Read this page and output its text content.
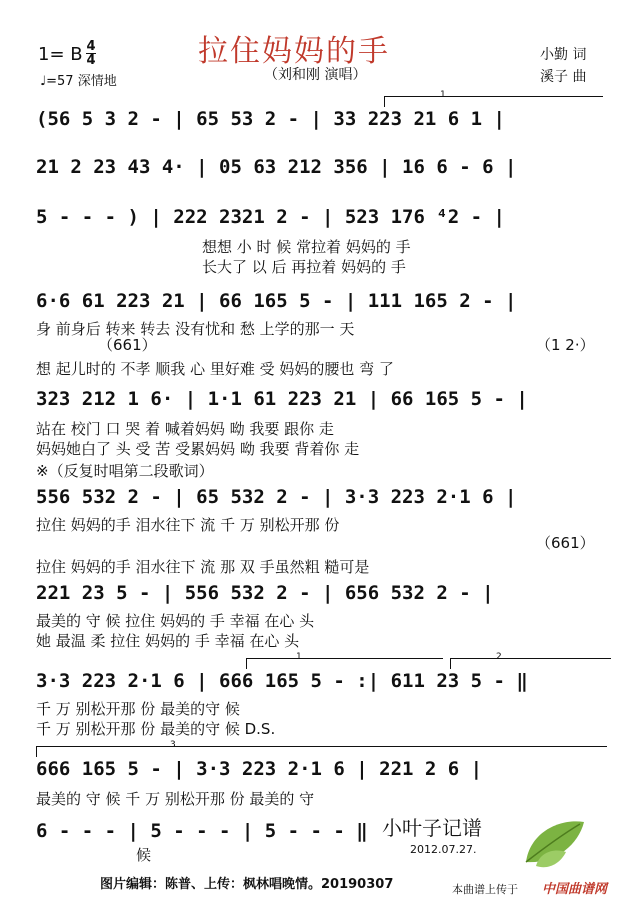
拉住妈妈的手
（刘和刚 演唱）
1= B 4
4
♩=57 深情地
小勤 词
溪子 曲
1
1	2
3
(56 5 3 2 - | 65 53 2 - | 33 223 21 6 1 |
21 2 23 43 4· | 05 63 212 356 | 16 6 - 6 |
5 - - - ) | 222 2321 2 - | 523 176 ⁴2 - |
6·6 61 223 21 | 66 165 5 - | 111 165 2 - |
323 212 1 6· | 1·1 61 223 21 | 66 165 5 - |
556 532 2 - | 65 532 2 - | 3·3 223 2·1 6 |
221 23 5 - | 556 532 2 - | 656 532 2 - |
3·3 223 2·1 6 | 666 165 5 - :| 611 23 5 - ‖
666 165 5 - | 3·3 223 2·1 6 | 221 2 6 |
6 - - - | 5 - - - | 5 - - - ‖
想想 小 时 候 常拉着 妈妈的 手
长大了 以 后 再拉着 妈妈的 手
身 前身后 转来 转去 没有忧和 愁 上学的那一 天
（661）	（1 2·）
想 起儿时的 不孝 顺我 心 里好难 受 妈妈的腰也 弯 了
站在 校门 口 哭 着 喊着妈妈 呦 我要 跟你 走
妈妈她白了 头 受 苦 受累妈妈 呦 我要 背着你 走
※（反复时唱第二段歌词）
拉住 妈妈的手 泪水往下 流 千 万 别松开那 份
拉住 妈妈的手 泪水往下 流 那 双 手虽然粗 糙可是
（661）
最美的 守 候 拉住 妈妈的 手 幸福 在心 头
她 最温 柔 拉住 妈妈的 手 幸福 在心 头
千 万 别松开那 份 最美的守 候
千 万 别松开那 份 最美的守 候 D.S.
最美的 守 候 千 万 别松开那 份 最美的 守
候
小叶子记谱
2012.07.27.
图片编辑：陈普、上传：枫林唱晚情。20190307	本曲谱上传于 中国曲谱网
